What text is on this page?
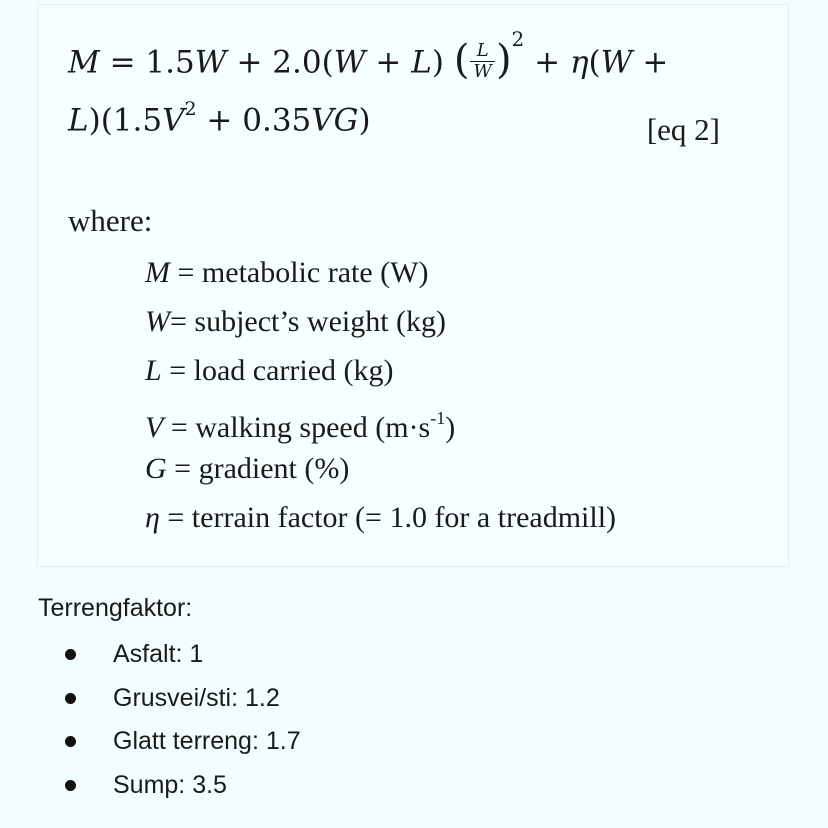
M = 1.5W + 2.0(W + L) ( $\frac{L}{W} )^2 + \eta(W$ +
$L)(1.5V^2 + 0.35VG)$	[eq 2]
where:
M = metabolic rate (W)
W= subject’s weight (kg)
L = load carried (kg)
V = walking speed $(m\cdot s^{-1})$
G = gradient (%)
η = terrain factor (= 1.0 for a treadmill)
Terrengfaktor:
Asfalt: 1
Grusvei/sti: 1.2
Glatt terreng: 1.7
Sump: 3.5
